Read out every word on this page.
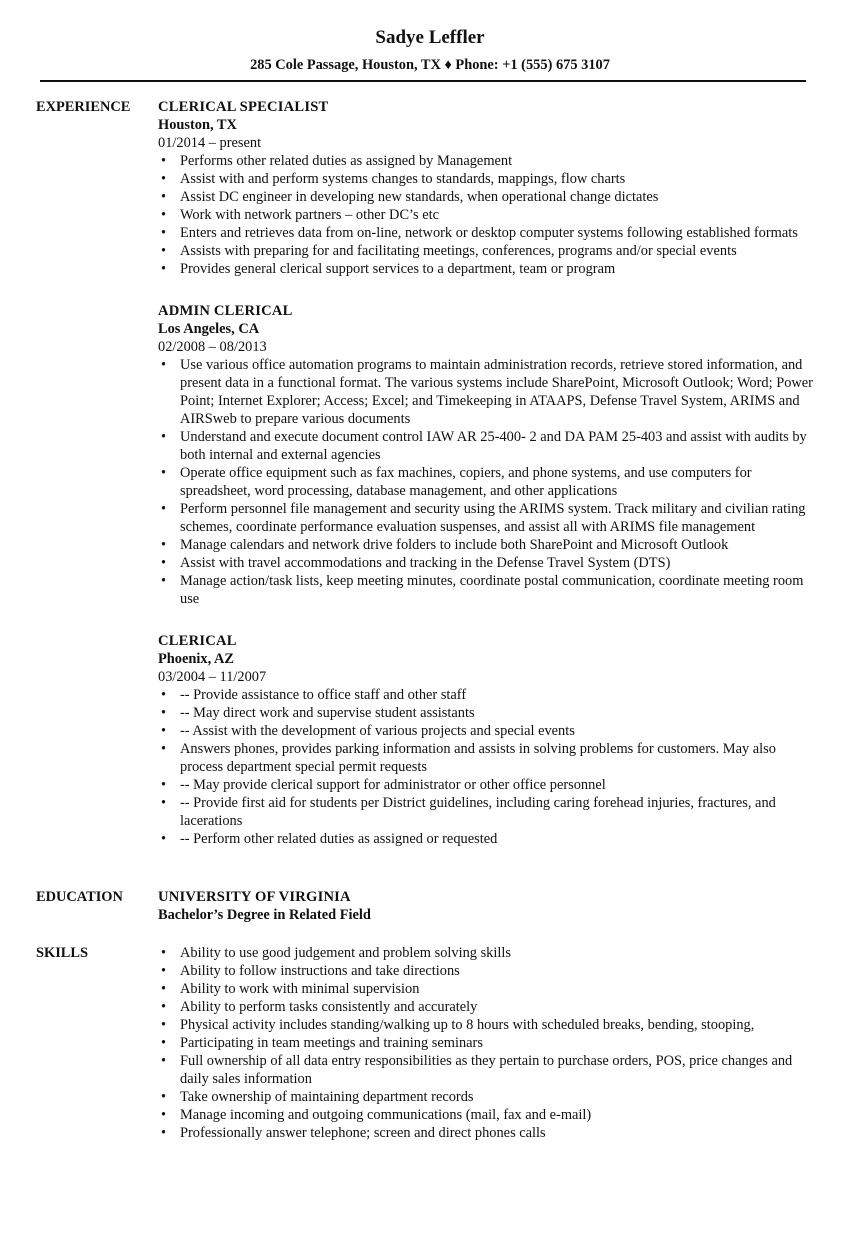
Sadye Leffler
285 Cole Passage, Houston, TX ♦ Phone: +1 (555) 675 3107
EXPERIENCE	CLERICAL SPECIALIST
Houston, TX
01/2014 – present
• Performs other related duties as assigned by Management
• Assist with and perform systems changes to standards, mappings, flow charts
• Assist DC engineer in developing new standards, when operational change dictates
• Work with network partners – other DC’s etc
• Enters and retrieves data from on-line, network or desktop computer systems following established formats
• Assists with preparing for and facilitating meetings, conferences, programs and/or special events
• Provides general clerical support services to a department, team or program
ADMIN CLERICAL
Los Angeles, CA
02/2008 – 08/2013
• Use various office automation programs to maintain administration records, retrieve stored information, and present data in a functional format. The various systems include SharePoint, Microsoft Outlook; Word; Power Point; Internet Explorer; Access; Excel; and Timekeeping in ATAAPS, Defense Travel System, ARIMS and AIRSweb to prepare various documents
• Understand and execute document control IAW AR 25-400- 2 and DA PAM 25-403 and assist with audits by both internal and external agencies
• Operate office equipment such as fax machines, copiers, and phone systems, and use computers for spreadsheet, word processing, database management, and other applications
• Perform personnel file management and security using the ARIMS system. Track military and civilian rating schemes, coordinate performance evaluation suspenses, and assist all with ARIMS file management
• Manage calendars and network drive folders to include both SharePoint and Microsoft Outlook
• Assist with travel accommodations and tracking in the Defense Travel System (DTS)
• Manage action/task lists, keep meeting minutes, coordinate postal communication, coordinate meeting room use
CLERICAL
Phoenix, AZ
03/2004 – 11/2007
• -- Provide assistance to office staff and other staff
• -- May direct work and supervise student assistants
• -- Assist with the development of various projects and special events
• Answers phones, provides parking information and assists in solving problems for customers. May also process department special permit requests
• -- May provide clerical support for administrator or other office personnel
• -- Provide first aid for students per District guidelines, including caring forehead injuries, fractures, and lacerations
• -- Perform other related duties as assigned or requested
EDUCATION	UNIVERSITY OF VIRGINIA
Bachelor’s Degree in Related Field
SKILLS	• Ability to use good judgement and problem solving skills
• Ability to follow instructions and take directions
• Ability to work with minimal supervision
• Ability to perform tasks consistently and accurately
• Physical activity includes standing/walking up to 8 hours with scheduled breaks, bending, stooping,
• Participating in team meetings and training seminars
• Full ownership of all data entry responsibilities as they pertain to purchase orders, POS, price changes and daily sales information
• Take ownership of maintaining department records
• Manage incoming and outgoing communications (mail, fax and e-mail)
• Professionally answer telephone; screen and direct phones calls
